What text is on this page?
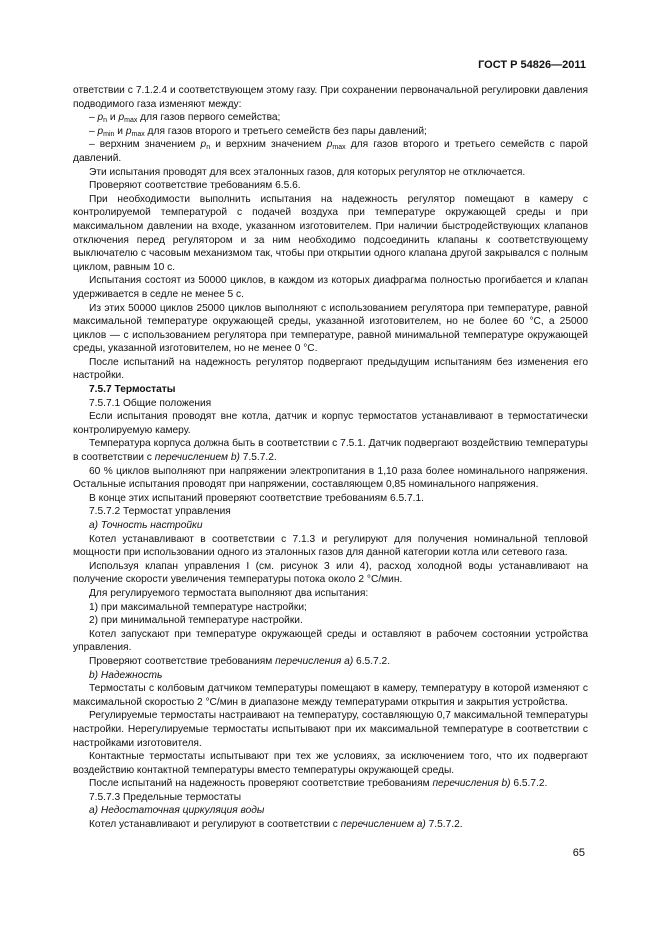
ГОСТ Р 54826—2011

ответствии с 7.1.2.4 и соответствующем этому газу. При сохранении первоначальной регулировки давления подводимого газа изменяют между:

– $p_n$ и $p_{max}$ для газов первого семейства;

– $p_{min}$ и $p_{max}$ для газов второго и третьего семейств без пары давлений;

– верхним значением $p_n$ и верхним значением $p_{max}$ для газов второго и третьего семейств с парой давлений.

Эти испытания проводят для всех эталонных газов, для которых регулятор не отключается.

Проверяют соответствие требованиям 6.5.6.

При необходимости выполнить испытания на надежность регулятор помещают в камеру с контролируемой температурой с подачей воздуха при температуре окружающей среды и при максимальном давлении на входе, указанном изготовителем. При наличии быстродействующих клапанов отключения перед регулятором и за ним необходимо подсоединить клапаны к соответствующему выключателю с часовым механизмом так, чтобы при открытии одного клапана другой закрывался с полным циклом, равным 10 с.

Испытания состоят из 50000 циклов, в каждом из которых диафрагма полностью прогибается и клапан удерживается в седле не менее 5 с.

Из этих 50000 циклов 25000 циклов выполняют с использованием регулятора при температуре, равной максимальной температуре окружающей среды, указанной изготовителем, но не более 60 °С, а 25000 циклов — с использованием регулятора при температуре, равной минимальной температуре окружающей среды, указанной изготовителем, но не менее 0 °С.

После испытаний на надежность регулятор подвергают предыдущим испытаниям без изменения его настройки.

7.5.7 Термостаты

7.5.7.1 Общие положения

Если испытания проводят вне котла, датчик и корпус термостатов устанавливают в термостатически контролируемую камеру.

Температура корпуса должна быть в соответствии с 7.5.1. Датчик подвергают воздействию температуры в соответствии с перечислением b) 7.5.7.2.

60 % циклов выполняют при напряжении электропитания в 1,10 раза более номинального напряжения. Остальные испытания проводят при напряжении, составляющем 0,85 номинального напряжения.

В конце этих испытаний проверяют соответствие требованиям 6.5.7.1.

7.5.7.2 Термостат управления

а) Точность настройки

Котел устанавливают в соответствии с 7.1.3 и регулируют для получения номинальной тепловой мощности при использовании одного из эталонных газов для данной категории котла или сетевого газа.

Используя клапан управления I (см. рисунок 3 или 4), расход холодной воды устанавливают на получение скорости увеличения температуры потока около 2 °С/мин.

Для регулируемого термостата выполняют два испытания:

1) при максимальной температуре настройки;

2) при минимальной температуре настройки.

Котел запускают при температуре окружающей среды и оставляют в рабочем состоянии устройства управления.

Проверяют соответствие требованиям перечисления а) 6.5.7.2.

b) Надежность

Термостаты с колбовым датчиком температуры помещают в камеру, температуру в которой изменяют с максимальной скоростью 2 °С/мин в диапазоне между температурами открытия и закрытия устройства.

Регулируемые термостаты настраивают на температуру, составляющую 0,7 максимальной температуры настройки. Нерегулируемые термостаты испытывают при их максимальной температуре в соответствии с настройками изготовителя.

Контактные термостаты испытывают при тех же условиях, за исключением того, что их подвергают воздействию контактной температуры вместо температуры окружающей среды.

После испытаний на надежность проверяют соответствие требованиям перечисления b) 6.5.7.2.

7.5.7.3 Предельные термостаты

а) Недостаточная циркуляция воды

Котел устанавливают и регулируют в соответствии с перечислением а) 7.5.7.2.

65
